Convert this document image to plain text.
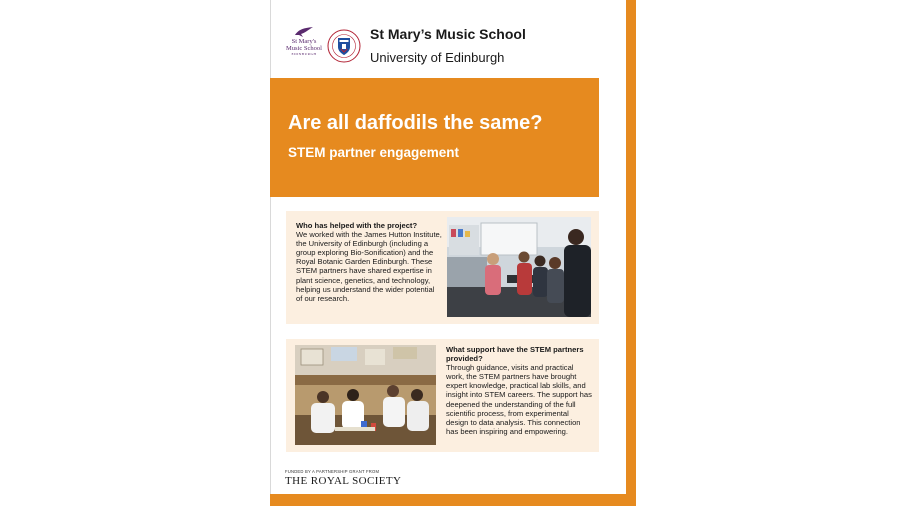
St Mary's
Music School
EDINBURGH
St Mary’s Music School
University of Edinburgh
Are all daffodils the same?
STEM partner engagement
Who has helped with the project?
We worked with the James Hutton Institute, the University of Edinburgh (including a group exploring Bio-Sonification) and the Royal Botanic Garden Edinburgh. These STEM partners have shared expertise in plant science, genetics, and technology, helping us understand the wider potential of our research.
What support have the STEM partners provided?
Through guidance, visits and practical work, the STEM partners have brought expert knowledge, practical lab skills, and insight into STEM careers. The support has deepened the understanding of the full scientific process, from experimental design to data analysis. This connection has been inspiring and empowering.
FUNDED BY A PARTNERSHIP GRANT FROM
THE ROYAL SOCIETY
